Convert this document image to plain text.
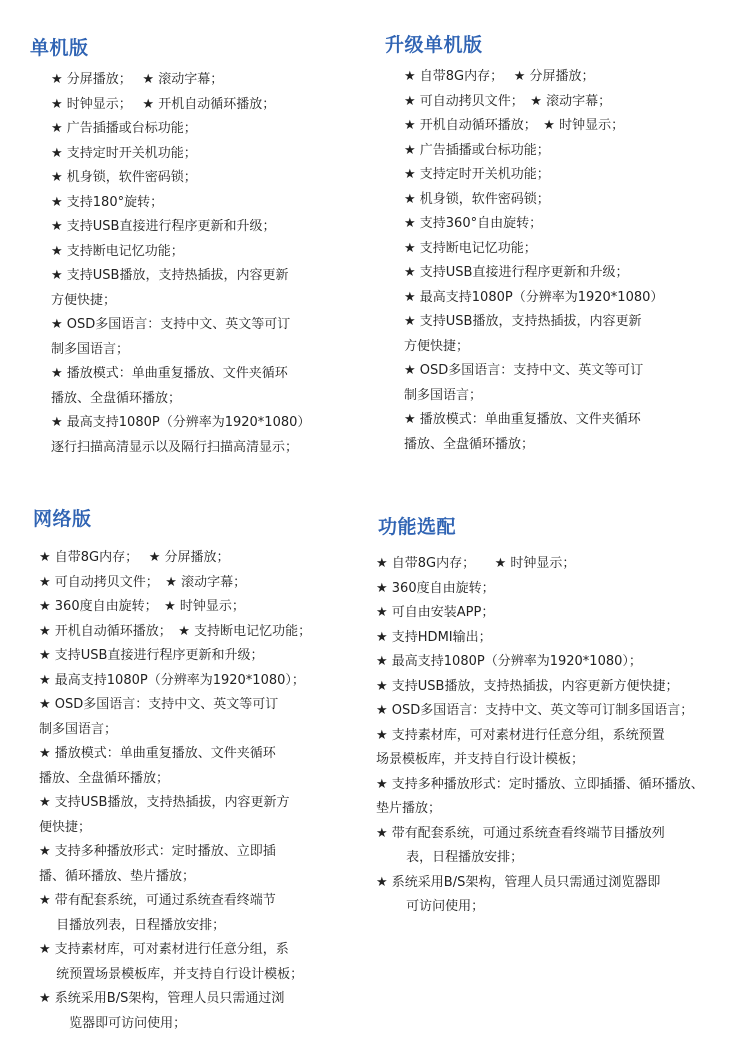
单机版
★ 分屏播放；　 ★ 滚动字幕；
★ 时钟显示；　 ★ 开机自动循环播放；
★ 广告插播或台标功能；
★ 支持定时开关机功能；
★ 机身锁，软件密码锁；
★ 支持180°旋转；
★ 支持USB直接进行程序更新和升级；
★ 支持断电记忆功能；
★ 支持USB播放，支持热插拔，内容更新
方便快捷；
★ OSD多国语言：支持中文、英文等可订
制多国语言；
★ 播放模式：单曲重复播放、文件夹循环
播放、全盘循环播放；
★ 最高支持1080P（分辨率为1920*1080）
逐行扫描高清显示以及隔行扫描高清显示；
升级单机版
★ 自带8G内存；　 ★ 分屏播放；
★ 可自动拷贝文件；　★ 滚动字幕；
★ 开机自动循环播放；　★ 时钟显示；
★ 广告插播或台标功能；
★ 支持定时开关机功能；
★ 机身锁，软件密码锁；
★ 支持360°自由旋转；
★ 支持断电记忆功能；
★ 支持USB直接进行程序更新和升级；
★ 最高支持1080P（分辨率为1920*1080）
★ 支持USB播放，支持热插拔，内容更新
方便快捷；
★ OSD多国语言：支持中文、英文等可订
制多国语言；
★ 播放模式：单曲重复播放、文件夹循环
播放、全盘循环播放；
网络版
★ 自带8G内存；　 ★ 分屏播放；
★ 可自动拷贝文件；　★ 滚动字幕；
★ 360度自由旋转；　★ 时钟显示；
★ 开机自动循环播放；　★ 支持断电记忆功能；
★ 支持USB直接进行程序更新和升级；
★ 最高支持1080P（分辨率为1920*1080）；
★ OSD多国语言：支持中文、英文等可订
制多国语言；
★ 播放模式：单曲重复播放、文件夹循环
播放、全盘循环播放；
★ 支持USB播放，支持热插拔，内容更新方
便快捷；
★ 支持多种播放形式：定时播放、立即插
播、循环播放、垫片播放；
★ 带有配套系统，可通过系统查看终端节
　 目播放列表，日程播放安排；
★ 支持素材库，可对素材进行任意分组，系
　 统预置场景模板库，并支持自行设计模板；
★ 系统采用B/S架构，管理人员只需通过浏
　　 览器即可访问使用；
功能选配
★ 自带8G内存；　　★ 时钟显示；
★ 360度自由旋转；
★ 可自由安装APP；
★ 支持HDMI输出；
★ 最高支持1080P（分辨率为1920*1080）；
★ 支持USB播放，支持热插拔，内容更新方便快捷；
★ OSD多国语言：支持中文、英文等可订制多国语言；
★ 支持素材库，可对素材进行任意分组，系统预置
场景模板库，并支持自行设计模板；
★ 支持多种播放形式：定时播放、立即插播、循环播放、
垫片播放；
★ 带有配套系统，可通过系统查看终端节目播放列
　　 表，日程播放安排；
★ 系统采用B/S架构，管理人员只需通过浏览器即
　　 可访问使用；
